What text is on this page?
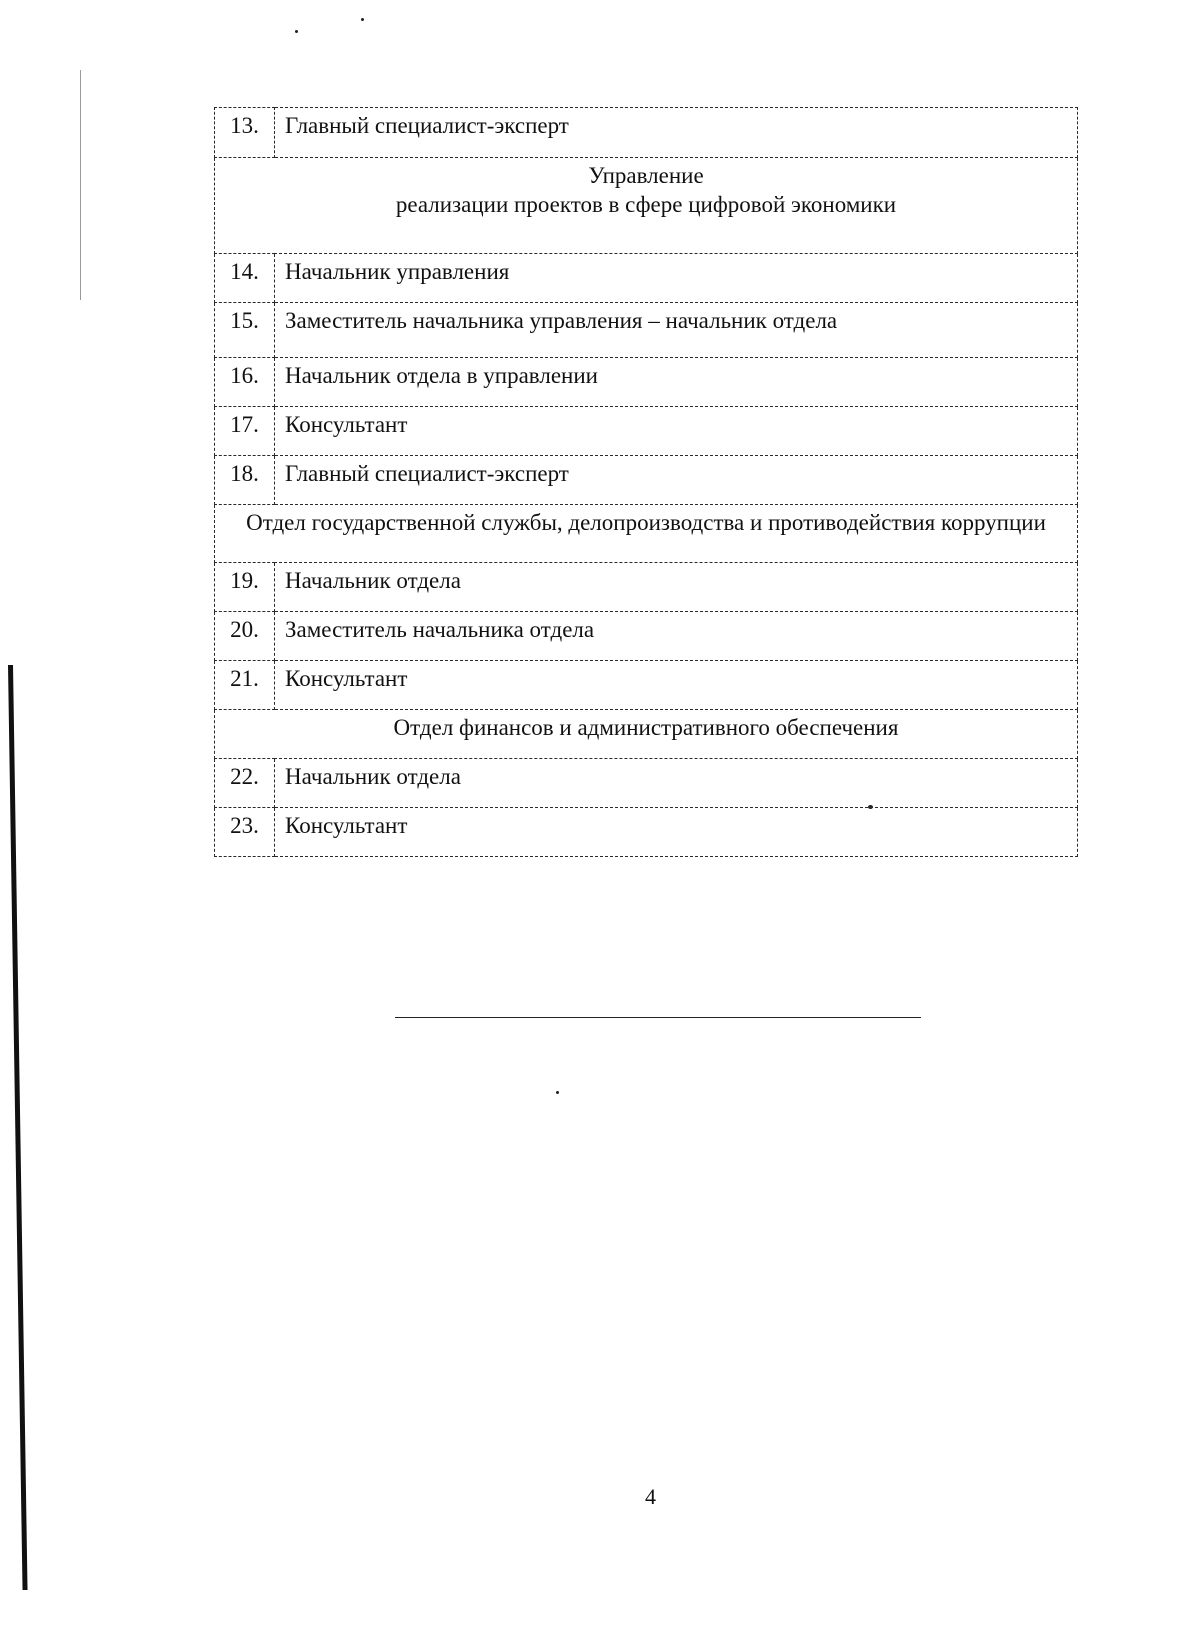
13.	Главный специалист-эксперт

Управление
реализации проектов в сфере цифровой экономики	

14.	Начальник управления
15.	Заместитель начальника управления – начальник отдела
16.	Начальник отдела в управлении
17.	Консультант
18.	Главный специалист-эксперт
Отдел государственной службы, делопроизводства и противодействия коррупции	
19.	Начальник отдела
20.	Заместитель начальника отдела
21.	Консультант
Отдел финансов и административного обеспечения	
22.	Начальник отдела
23.	Консультант
4
